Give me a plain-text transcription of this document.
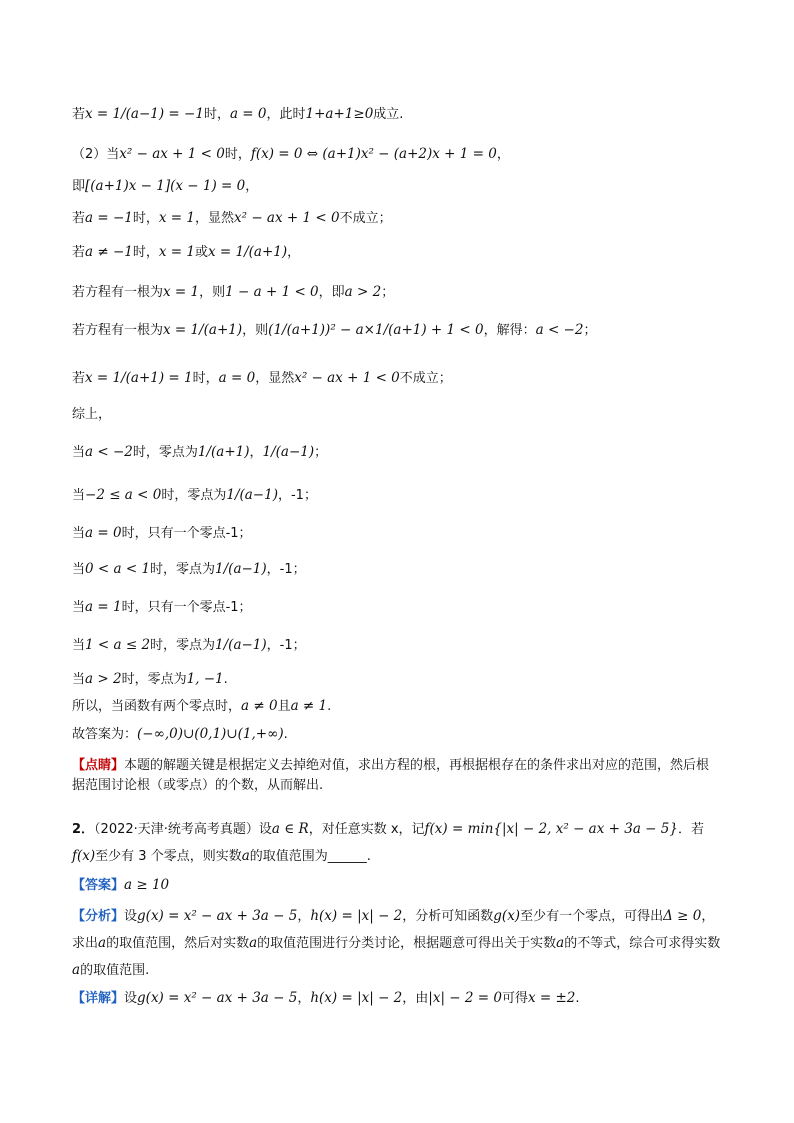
若x = 1/(a−1) = −1时，a = 0，此时1+a+1≥0成立.
（2）当x² − ax + 1 < 0时，f(x) = 0 ⇔ (a+1)x² − (a+2)x + 1 = 0，
即[(a+1)x − 1](x − 1) = 0，
若a = −1时，x = 1，显然x² − ax + 1 < 0不成立；
若a ≠ −1时，x = 1或x = 1/(a+1)，
若方程有一根为x = 1，则1 − a + 1 < 0，即a > 2；
若方程有一根为x = 1/(a+1)，则(1/(a+1))² − a×1/(a+1) + 1 < 0，解得：a < −2；
若x = 1/(a+1) = 1时，a = 0，显然x² − ax + 1 < 0不成立；
综上，
当a < −2时，零点为1/(a+1)，1/(a−1)；
当−2 ≤ a < 0时，零点为1/(a−1)，-1；
当a = 0时，只有一个零点-1；
当0 < a < 1时，零点为1/(a−1)，-1；
当a = 1时，只有一个零点-1；
当1 < a ≤ 2时，零点为1/(a−1)，-1；
当a > 2时，零点为1, −1.
所以，当函数有两个零点时，a ≠ 0且a ≠ 1.
故答案为：(−∞,0)∪(0,1)∪(1,+∞).
【点睛】本题的解题关键是根据定义去掉绝对值，求出方程的根，再根据根存在的条件求出对应的范围，然后根据范围讨论根（或零点）的个数，从而解出.
2．（2022·天津·统考高考真题）设a ∈ R，对任意实数 x，记f(x) = min{|x| − 2, x² − ax + 3a − 5}．若f(x)至少有 3 个零点，则实数a的取值范围为______.
【答案】a ≥ 10
【分析】设g(x) = x² − ax + 3a − 5，h(x) = |x| − 2，分析可知函数g(x)至少有一个零点，可得出Δ ≥ 0，求出a的取值范围，然后对实数a的取值范围进行分类讨论，根据题意可得出关于实数a的不等式，综合可求得实数a的取值范围.
【详解】设g(x) = x² − ax + 3a − 5，h(x) = |x| − 2，由|x| − 2 = 0可得x = ±2.
